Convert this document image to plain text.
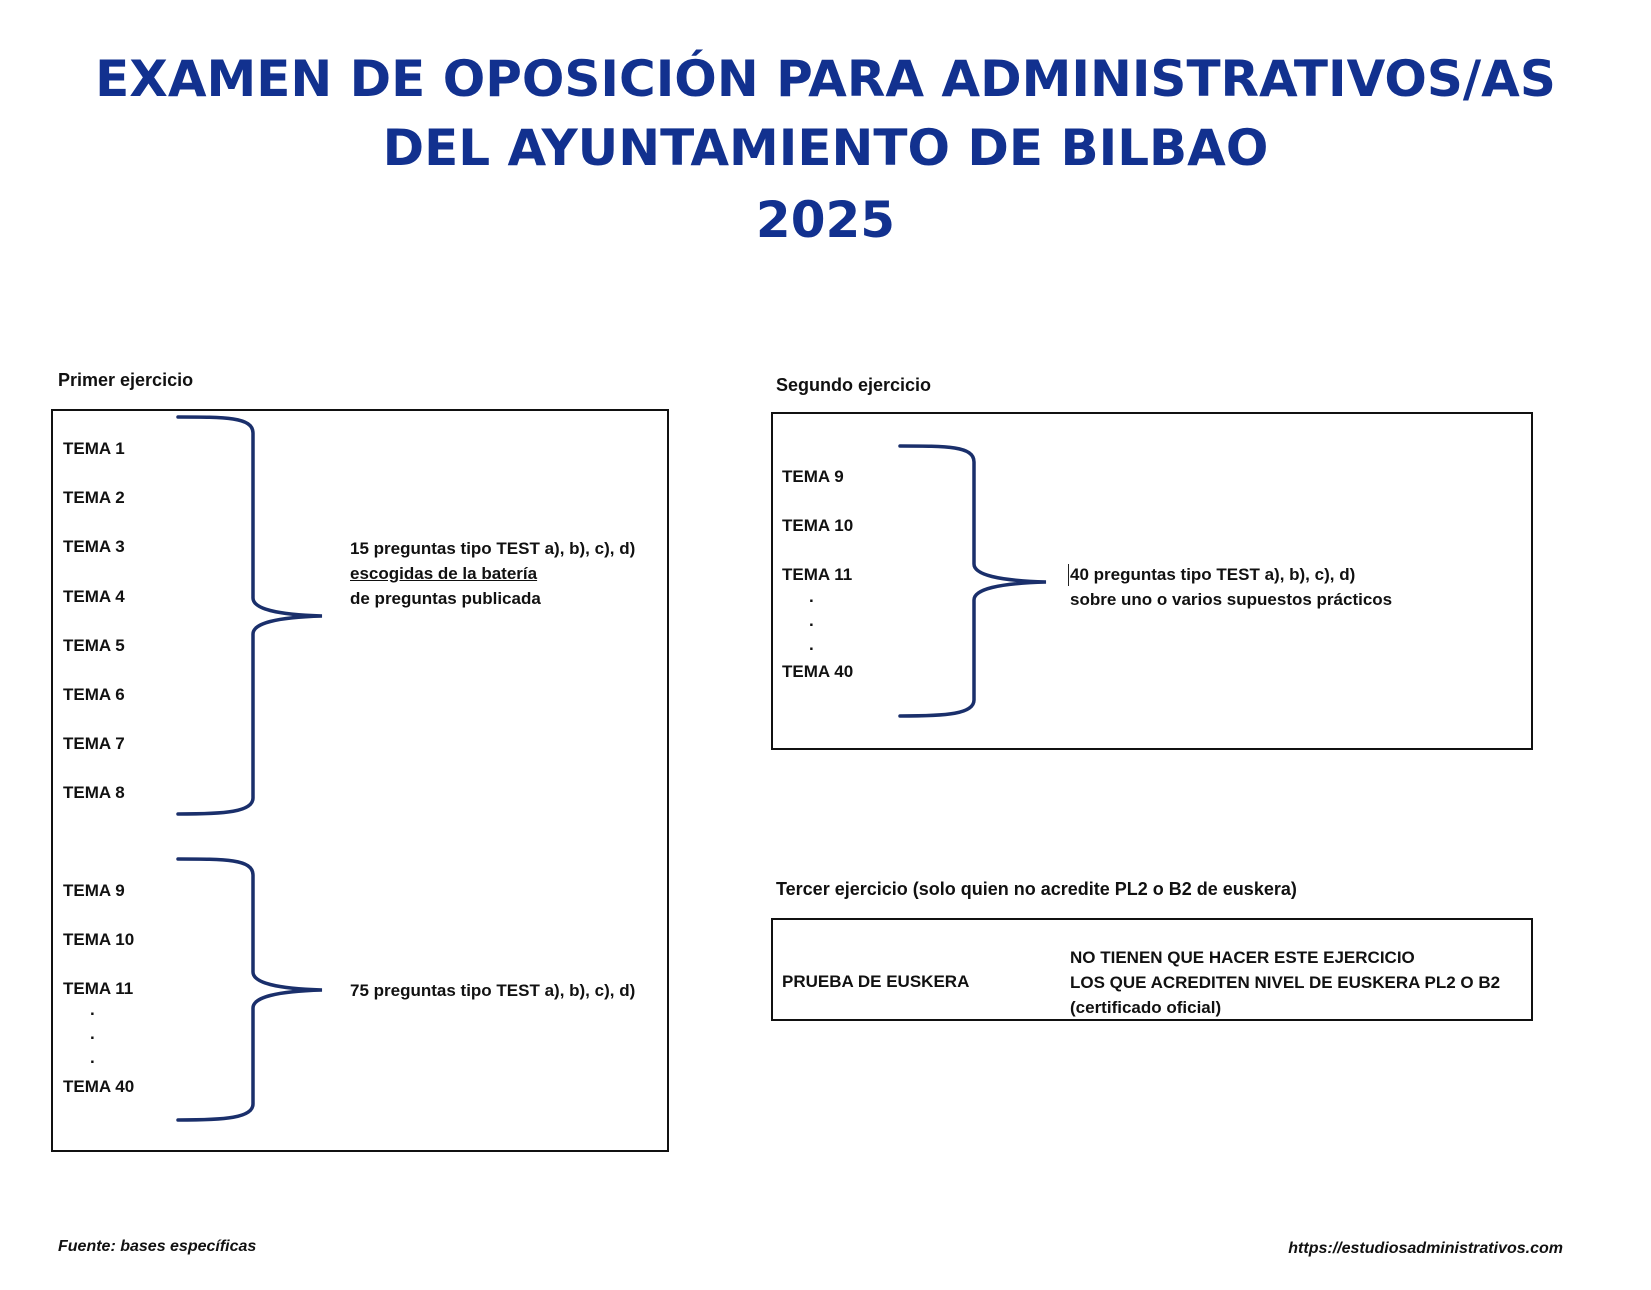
EXAMEN DE OPOSICIÓN PARA ADMINISTRATIVOS/AS
DEL AYUNTAMIENTO DE BILBAO
2025
Primer ejercicio
TEMA 1
TEMA 2
TEMA 3
TEMA 4
TEMA 5
TEMA 6
TEMA 7
TEMA 8
15 preguntas tipo TEST a), b), c), d)
escogidas de la batería
de preguntas publicada
TEMA 9
TEMA 10
TEMA 11
.
.
.
TEMA 40
75 preguntas tipo TEST a), b), c), d)
Segundo ejercicio
TEMA 9
TEMA 10
TEMA 11
.
.
.
TEMA 40
40 preguntas tipo TEST a), b), c), d)
sobre uno o varios supuestos prácticos
Tercer ejercicio (solo quien no acredite PL2 o B2 de euskera)
PRUEBA DE EUSKERA
NO TIENEN QUE HACER ESTE EJERCICIO
LOS QUE ACREDITEN NIVEL DE EUSKERA PL2 O B2
(certificado oficial)
Fuente: bases específicas	https://estudiosadministrativos.com
